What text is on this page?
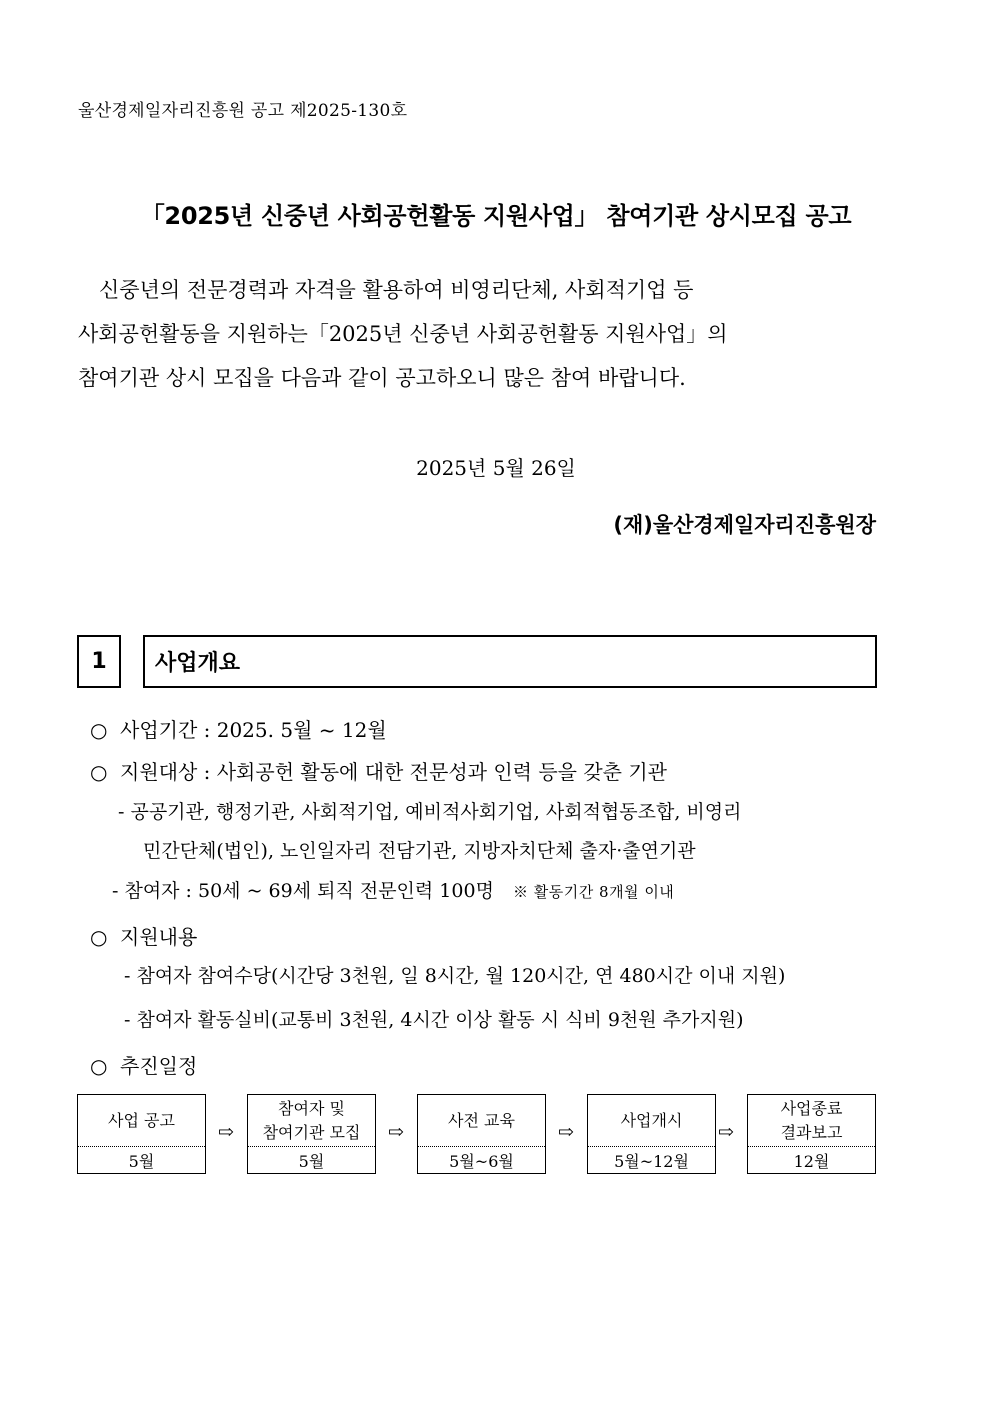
울산경제일자리진흥원 공고 제2025-130호
「2025년 신중년 사회공헌활동 지원사업」 참여기관 상시모집 공고

신중년의 전문경력과 자격을 활용하여 비영리단체, 사회적기업 등

사회공헌활동을 지원하는「2025년 신중년 사회공헌활동 지원사업」의

참여기관 상시 모집을 다음과 같이 공고하오니 많은 참여 바랍니다.

2025년 5월 26일
(재)울산경제일자리진흥원장
1	사업개요
○ 사업기간 : 2025. 5월 ~ 12월
○ 지원대상 : 사회공헌 활동에 대한 전문성과 인력 등을 갖춘 기관
- 공공기관, 행정기관, 사회적기업, 예비적사회기업, 사회적협동조합, 비영리
민간단체(법인), 노인일자리 전담기관, 지방자치단체 출자·출연기관
- 참여자 : 50세 ~ 69세 퇴직 전문인력 100명 ※ 활동기간 8개월 이내
○ 지원내용
- 참여자 참여수당(시간당 3천원, 일 8시간, 월 120시간, 연 480시간 이내 지원)
- 참여자 활동실비(교통비 3천원, 4시간 이상 활동 시 식비 9천원 추가지원)
○ 추진일정
사업 공고
5월
⇨
참여자 및
참여기관 모집
5월
⇨
사전 교육
5월~6월
⇨
사업개시
5월~12월
⇨
사업종료
결과보고
12월
